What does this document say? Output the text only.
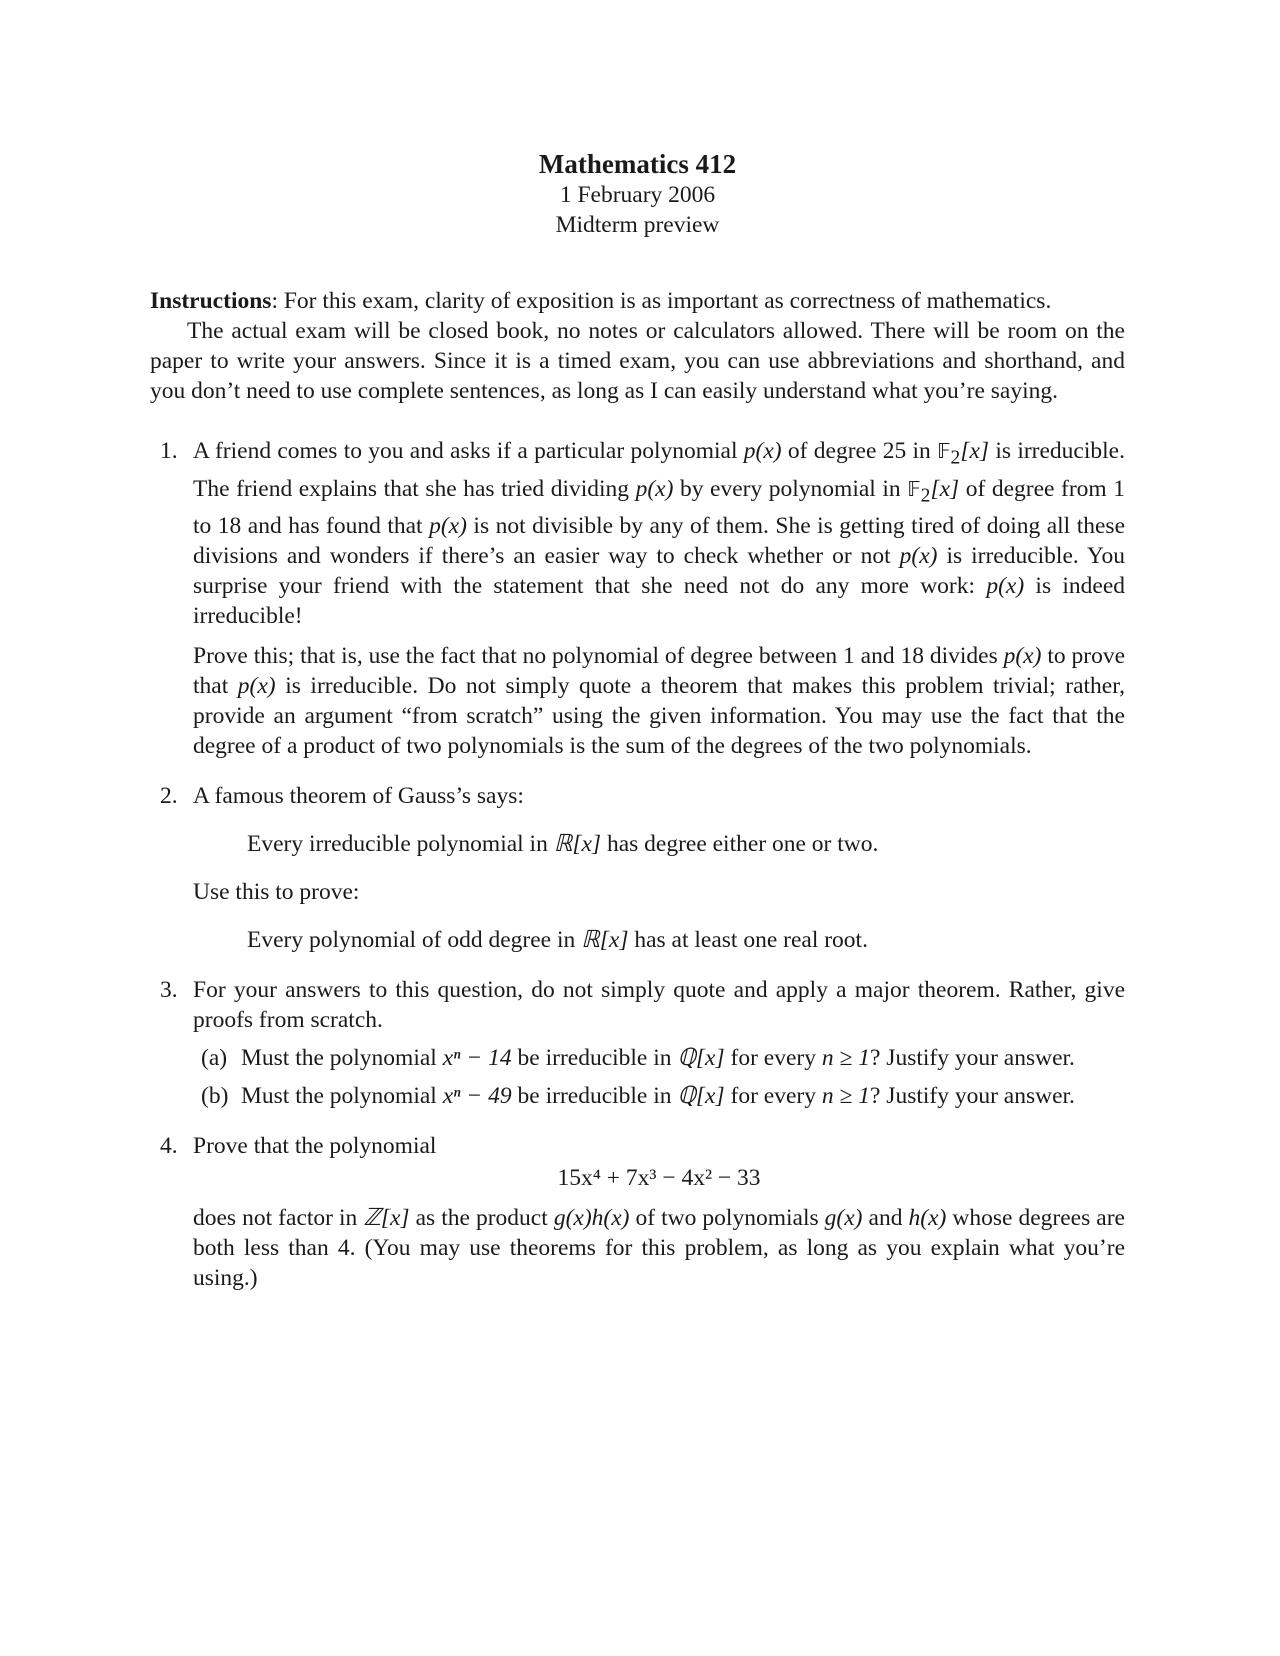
Mathematics 412
1 February 2006
Midterm preview

Instructions: For this exam, clarity of exposition is as important as correctness of mathematics.

The actual exam will be closed book, no notes or calculators allowed. There will be room on the paper to write your answers. Since it is a timed exam, you can use abbreviations and shorthand, and you don’t need to use complete sentences, as long as I can easily understand what you’re saying.

1. A friend comes to you and asks if a particular polynomial p(x) of degree 25 in 𝔽$_2$[x] is irreducible. The friend explains that she has tried dividing p(x) by every polynomial in 𝔽$_2$[x] of degree from 1 to 18 and has found that p(x) is not divisible by any of them. She is getting tired of doing all these divisions and wonders if there’s an easier way to check whether or not p(x) is irreducible. You surprise your friend with the statement that she need not do any more work: p(x) is indeed irreducible!

Prove this; that is, use the fact that no polynomial of degree between 1 and 18 divides p(x) to prove that p(x) is irreducible. Do not simply quote a theorem that makes this problem trivial; rather, provide an argument “from scratch” using the given information. You may use the fact that the degree of a product of two polynomials is the sum of the degrees of the two polynomials.

2. A famous theorem of Gauss’s says:

Every irreducible polynomial in ℝ[x] has degree either one or two.

Use this to prove:

Every polynomial of odd degree in ℝ[x] has at least one real root.

3. For your answers to this question, do not simply quote and apply a major theorem. Rather, give proofs from scratch.

(a) Must the polynomial xⁿ − 14 be irreducible in ℚ[x] for every n ≥ 1? Justify your answer.
(b) Must the polynomial xⁿ − 49 be irreducible in ℚ[x] for every n ≥ 1? Justify your answer.
4. Prove that the polynomial

15x⁴ + 7x³ − 4x² − 33

does not factor in ℤ[x] as the product g(x)h(x) of two polynomials g(x) and h(x) whose degrees are both less than 4. (You may use theorems for this problem, as long as you explain what you’re using.)
